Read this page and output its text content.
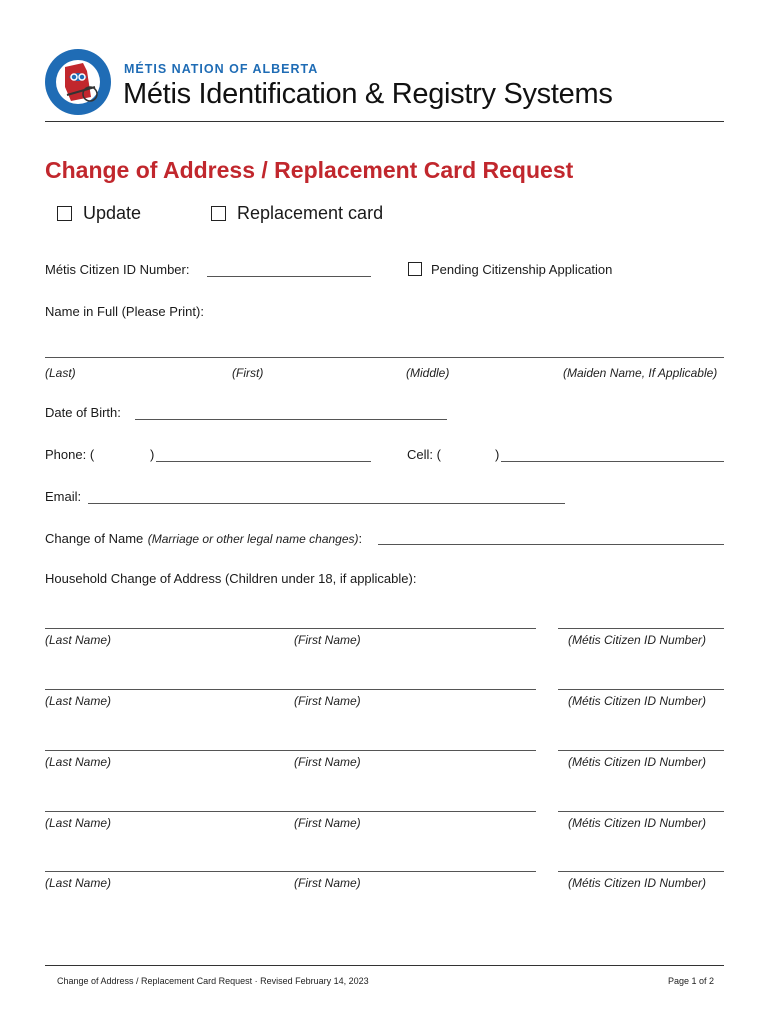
MÉTIS NATION OF ALBERTA
Métis Identification & Registry Systems
Change of Address / Replacement Card Request
Update	Replacement card
Métis Citizen ID Number:	Pending Citizenship Application
Name in Full (Please Print):
(Last)	(First)	(Middle)	(Maiden Name, If Applicable)
Date of Birth:
Phone: (	)	Cell: (	)
Email:
Change of Name (Marriage or other legal name changes):
Household Change of Address (Children under 18, if applicable):
(Last Name)	(First Name)	(Métis Citizen ID Number)
(Last Name)	(First Name)	(Métis Citizen ID Number)
(Last Name)	(First Name)	(Métis Citizen ID Number)
(Last Name)	(First Name)	(Métis Citizen ID Number)
(Last Name)	(First Name)	(Métis Citizen ID Number)
Change of Address / Replacement Card Request · Revised February 14, 2023	Page 1 of 2
